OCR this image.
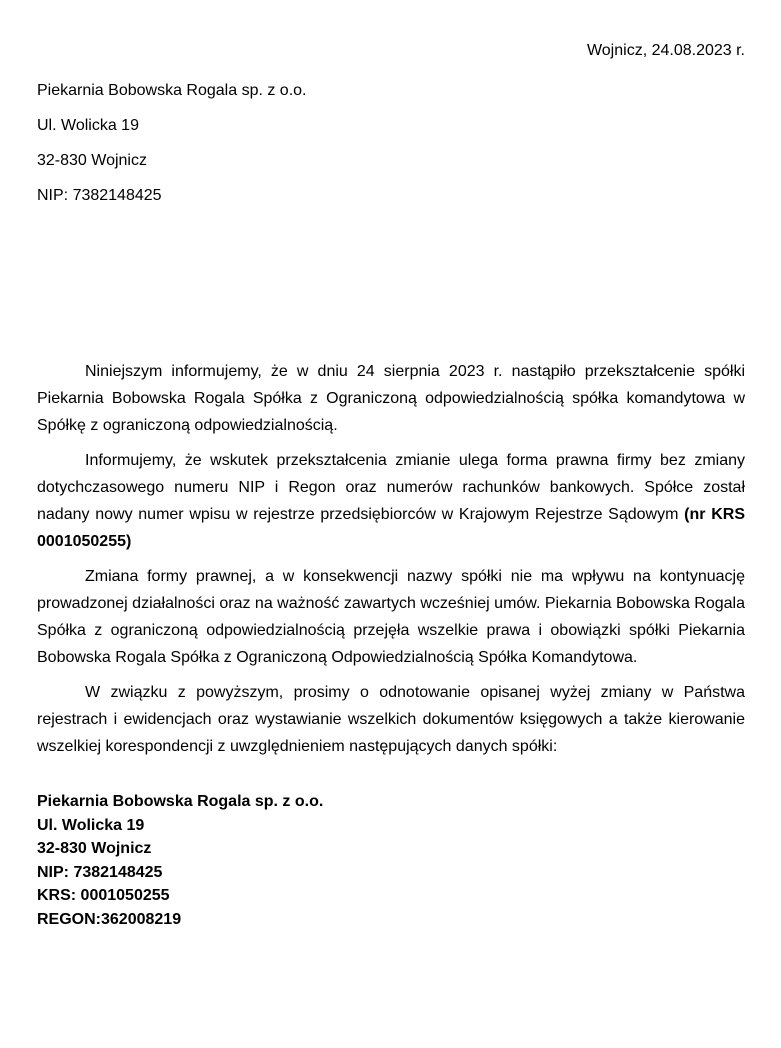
Wojnicz, 24.08.2023 r.
Piekarnia Bobowska Rogala sp. z o.o.
Ul. Wolicka 19
32-830 Wojnicz
NIP: 7382148425

Niniejszym informujemy, że w dniu 24 sierpnia 2023 r. nastąpiło przekształcenie spółki Piekarnia Bobowska Rogala Spółka z Ograniczoną odpowiedzialnością spółka komandytowa w Spółkę z ograniczoną odpowiedzialnością.

Informujemy, że wskutek przekształcenia zmianie ulega forma prawna firmy bez zmiany dotychczasowego numeru NIP i Regon oraz numerów rachunków bankowych. Spółce został nadany nowy numer wpisu w rejestrze przedsiębiorców w Krajowym Rejestrze Sądowym (nr KRS 0001050255)

Zmiana formy prawnej, a w konsekwencji nazwy spółki nie ma wpływu na kontynuację prowadzonej działalności oraz na ważność zawartych wcześniej umów. Piekarnia Bobowska Rogala Spółka z ograniczoną odpowiedzialnością przejęła wszelkie prawa i obowiązki spółki Piekarnia Bobowska Rogala Spółka z Ograniczoną Odpowiedzialnością Spółka Komandytowa.

W związku z powyższym, prosimy o odnotowanie opisanej wyżej zmiany w Państwa rejestrach i ewidencjach oraz wystawianie wszelkich dokumentów księgowych a także kierowanie wszelkiej korespondencji z uwzględnieniem następujących danych spółki:

Piekarnia Bobowska Rogala sp. z o.o.
Ul. Wolicka 19
32-830 Wojnicz
NIP: 7382148425
KRS: 0001050255
REGON:362008219
